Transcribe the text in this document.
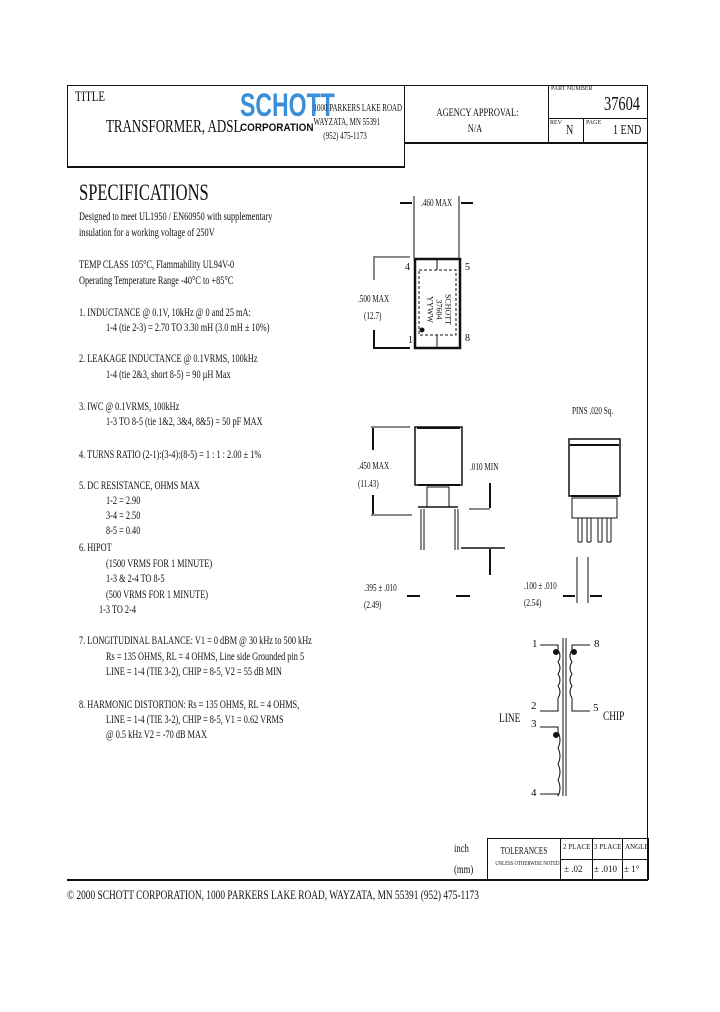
TITLE
TRANSFORMER, ADSL
SCHOTT
CORPORATION
1000 PARKERS LAKE ROAD
WAYZATA, MN 55391
(952) 475-1173
AGENCY APPROVAL:
N/A
PART NUMBER
37604
REV N	PAGE 1 END
SPECIFICATIONS
Designed to meet UL1950 / EN60950 with supplementary
insulation for a working voltage of 250V
TEMP CLASS 105°C, Flammability UL94V-0
Operating Temperature Range -40°C to +85°C
1. INDUCTANCE @ 0.1V, 10kHz @ 0 and 25 mA:
1-4 (tie 2-3) = 2.70 TO 3.30 mH (3.0 mH ± 10%)
2. LEAKAGE INDUCTANCE @ 0.1VRMS, 100kHz
1-4 (tie 2&3, short 8-5) = 90 µH Max
3. IWC @ 0.1VRMS, 100kHz
1-3 TO 8-5 (tie 1&2, 3&4, 8&5) = 50 pF MAX
4. TURNS RATIO (2-1):(3-4):(8-5) = 1 : 1 : 2.00 ± 1%
5. DC RESISTANCE, OHMS MAX
1-2 = 2.90
3-4 = 2.50
8-5 = 0.40
6. HIPOT
(1500 VRMS FOR 1 MINUTE)
1-3 & 2-4 TO 8-5
(500 VRMS FOR 1 MINUTE)
1-3 TO 2-4
7. LONGITUDINAL BALANCE: V1 = 0 dBM @ 30 kHz to 500 kHz
Rs = 135 OHMS, RL = 4 OHMS, Line side Grounded pin 5
LINE = 1-4 (TIE 3-2), CHIP = 8-5, V2 = 55 dB MIN
8. HARMONIC DISTORTION: Rs = 135 OHMS, RL = 4 OHMS,
LINE = 1-4 (TIE 3-2), CHIP = 8-5, V1 = 0.62 VRMS
@ 0.5 kHz V2 = -70 dB MAX
.460 MAX
.500 MAX
(12.7)
4	5
1	8
SCHOTT
37604
YYWW
.450 MAX
(11.43)
.010 MIN
.395 ± .010
(2.49)
PINS .020 Sq.
.100 ± .010
(2.54)
LINE	CHIP
1
2
3
4
8
5
inch
(mm)
TOLERANCES
UNLESS OTHERWISE NOTED
2 PLACE 3 PLACE ANGLE
± .02 ± .010 ± 1°
© 2000 SCHOTT CORPORATION, 1000 PARKERS LAKE ROAD, WAYZATA, MN 55391 (952) 475-1173
